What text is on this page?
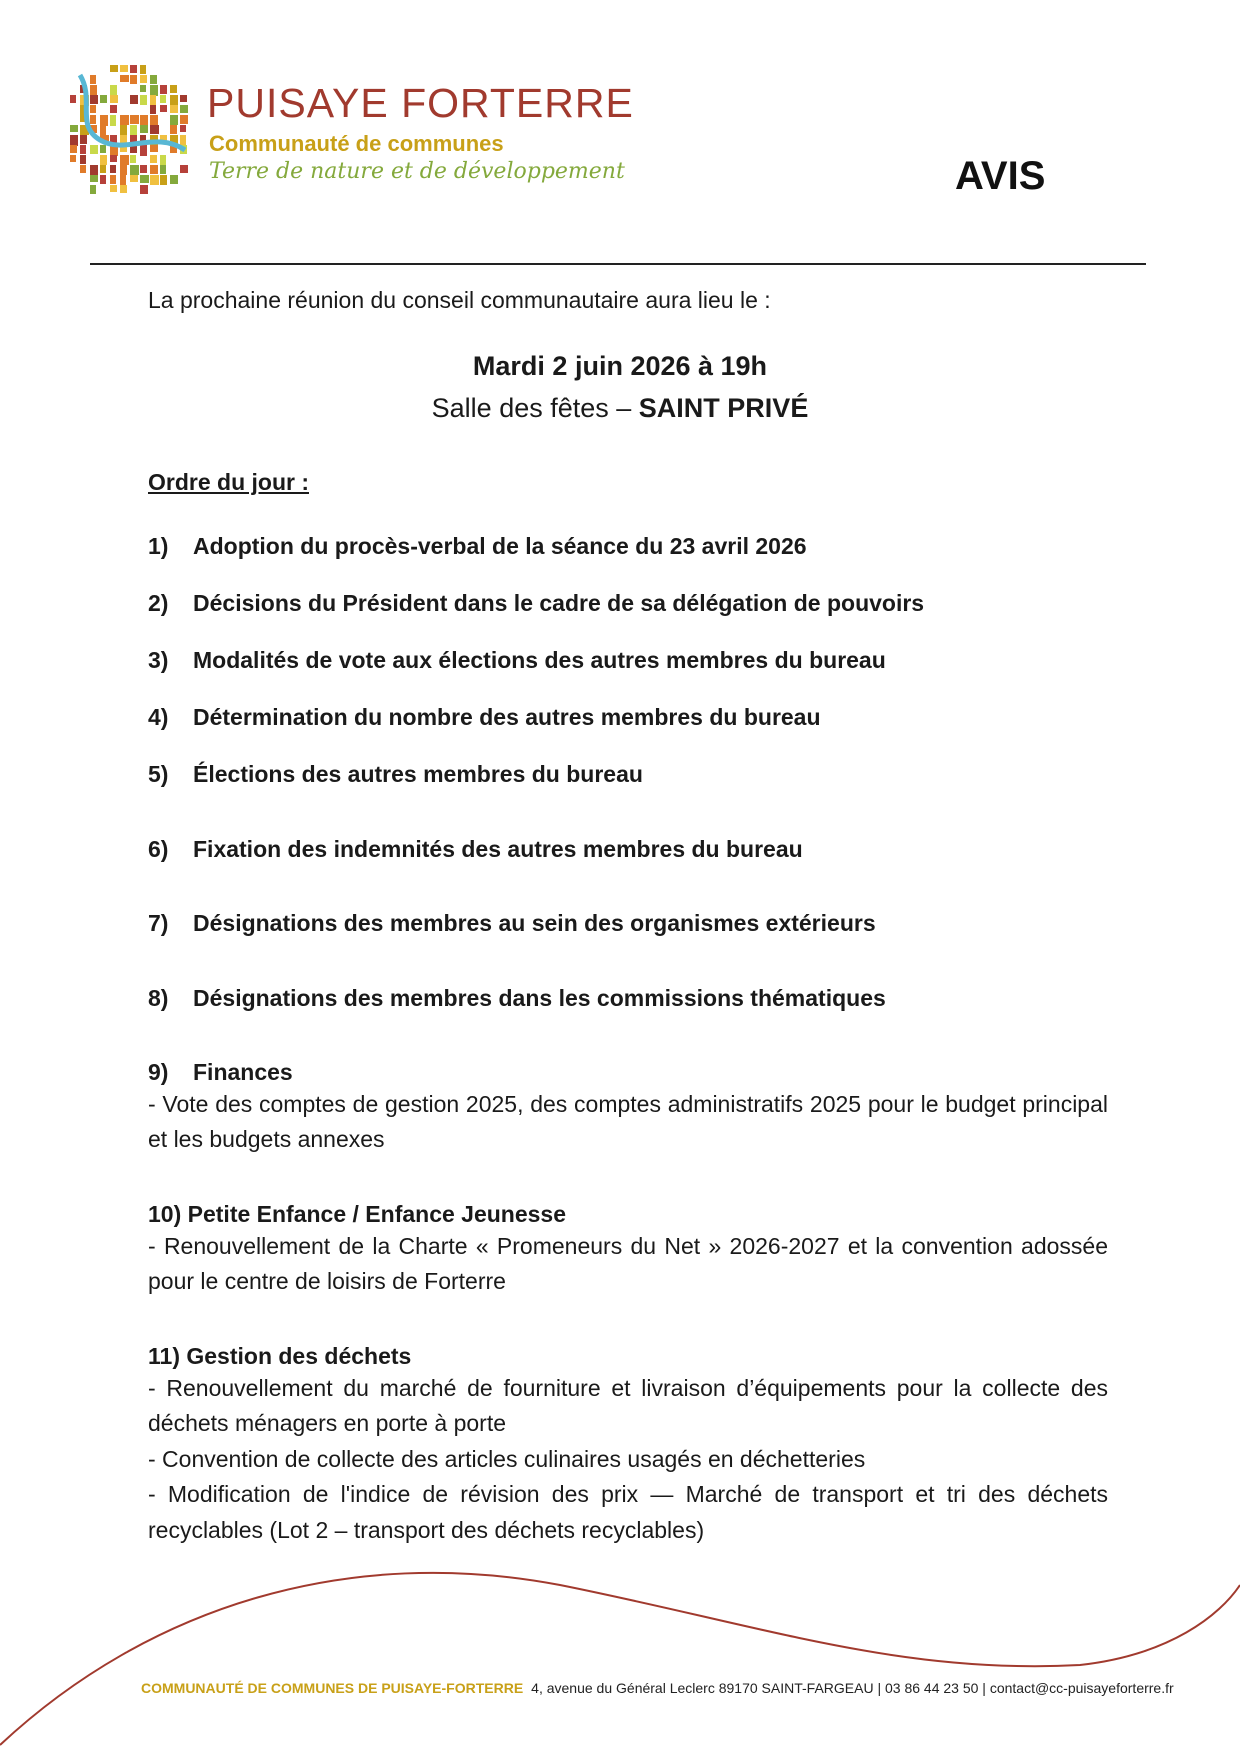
PUISAYE FORTERRE
Communauté de communes
Terre de nature et de développement	AVIS
La prochaine réunion du conseil communautaire aura lieu le :
Mardi 2 juin 2026 à 19h
Salle des fêtes – SAINT PRIVÉ
Ordre du jour :
1) Adoption du procès-verbal de la séance du 23 avril 2026
2) Décisions du Président dans le cadre de sa délégation de pouvoirs
3) Modalités de vote aux élections des autres membres du bureau
4) Détermination du nombre des autres membres du bureau
5) Élections des autres membres du bureau
6) Fixation des indemnités des autres membres du bureau
7) Désignations des membres au sein des organismes extérieurs
8) Désignations des membres dans les commissions thématiques
9) Finances

- Vote des comptes de gestion 2025, des comptes administratifs 2025 pour le budget principal et les budgets annexes

10) Petite Enfance / Enfance Jeunesse

- Renouvellement de la Charte « Promeneurs du Net » 2026-2027 et la convention adossée pour le centre de loisirs de Forterre

11) Gestion des déchets

- Renouvellement du marché de fourniture et livraison d’équipements pour la collecte des déchets ménagers en porte à porte

- Convention de collecte des articles culinaires usagés en déchetteries

- Modification de l'indice de révision des prix — Marché de transport et tri des déchets recyclables (Lot 2 – transport des déchets recyclables)

COMMUNAUTÉ DE COMMUNES DE PUISAYE-FORTERRE 4, avenue du Général Leclerc 89170 SAINT-FARGEAU | 03 86 44 23 50 | contact@cc-puisayeforterre.fr
